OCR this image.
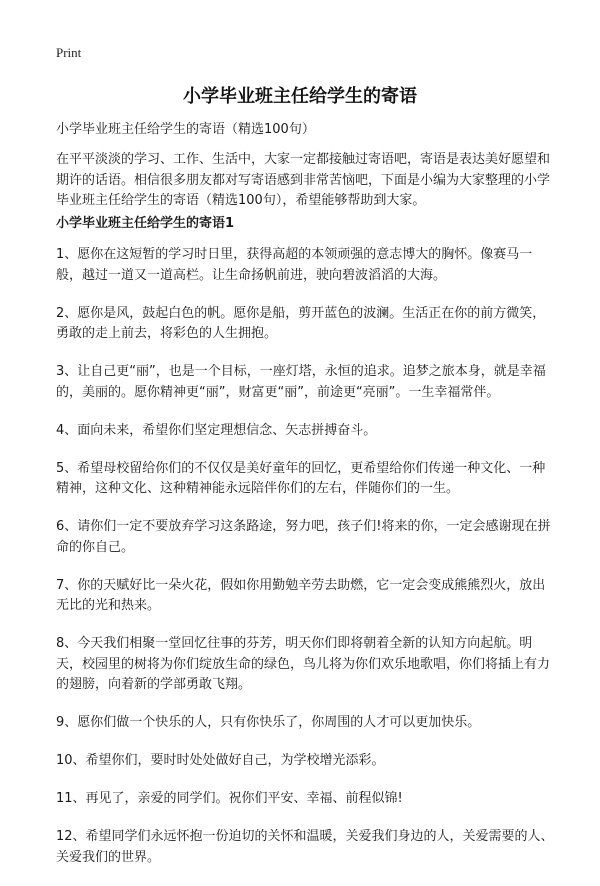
Print
小学毕业班主任给学生的寄语
小学毕业班主任给学生的寄语（精选100句）
在平平淡淡的学习、工作、生活中，大家一定都接触过寄语吧，寄语是表达美好愿望和期许的话语。相信很多朋友都对写寄语感到非常苦恼吧，下面是小编为大家整理的小学毕业班主任给学生的寄语（精选100句），希望能够帮助到大家。
小学毕业班主任给学生的寄语1
1、愿你在这短暂的学习时日里，获得高超的本领顽强的意志博大的胸怀。像赛马一般，越过一道又一道高栏。让生命扬帆前进，驶向碧波滔滔的大海。
2、愿你是风，鼓起白色的帆。愿你是船，剪开蓝色的波澜。生活正在你的前方微笑，勇敢的走上前去，将彩色的人生拥抱。
3、让自己更“丽”，也是一个目标，一座灯塔，永恒的追求。追梦之旅本身，就是幸福的，美丽的。愿你精神更“丽”，财富更“丽”，前途更“亮丽”。一生幸福常伴。
4、面向未来，希望你们坚定理想信念、矢志拼搏奋斗。
5、希望母校留给你们的不仅仅是美好童年的回忆，更希望给你们传递一种文化、一种精神，这种文化、这种精神能永远陪伴你们的左右，伴随你们的一生。
6、请你们一定不要放弃学习这条路途，努力吧，孩子们!将来的你，一定会感谢现在拼命的你自己。
7、你的天赋好比一朵火花，假如你用勤勉辛劳去助燃，它一定会变成熊熊烈火，放出无比的光和热来。
8、今天我们相聚一堂回忆往事的芬芳，明天你们即将朝着全新的认知方向起航。明天，校园里的树将为你们绽放生命的绿色，鸟儿将为你们欢乐地歌唱，你们将插上有力的翅膀，向着新的学部勇敢飞翔。
9、愿你们做一个快乐的人，只有你快乐了，你周围的人才可以更加快乐。
10、希望你们，要时时处处做好自己，为学校增光添彩。
11、再见了，亲爱的同学们。祝你们平安、幸福、前程似锦!
12、希望同学们永远怀抱一份迫切的关怀和温暖，关爱我们身边的人，关爱需要的人、关爱我们的世界。
